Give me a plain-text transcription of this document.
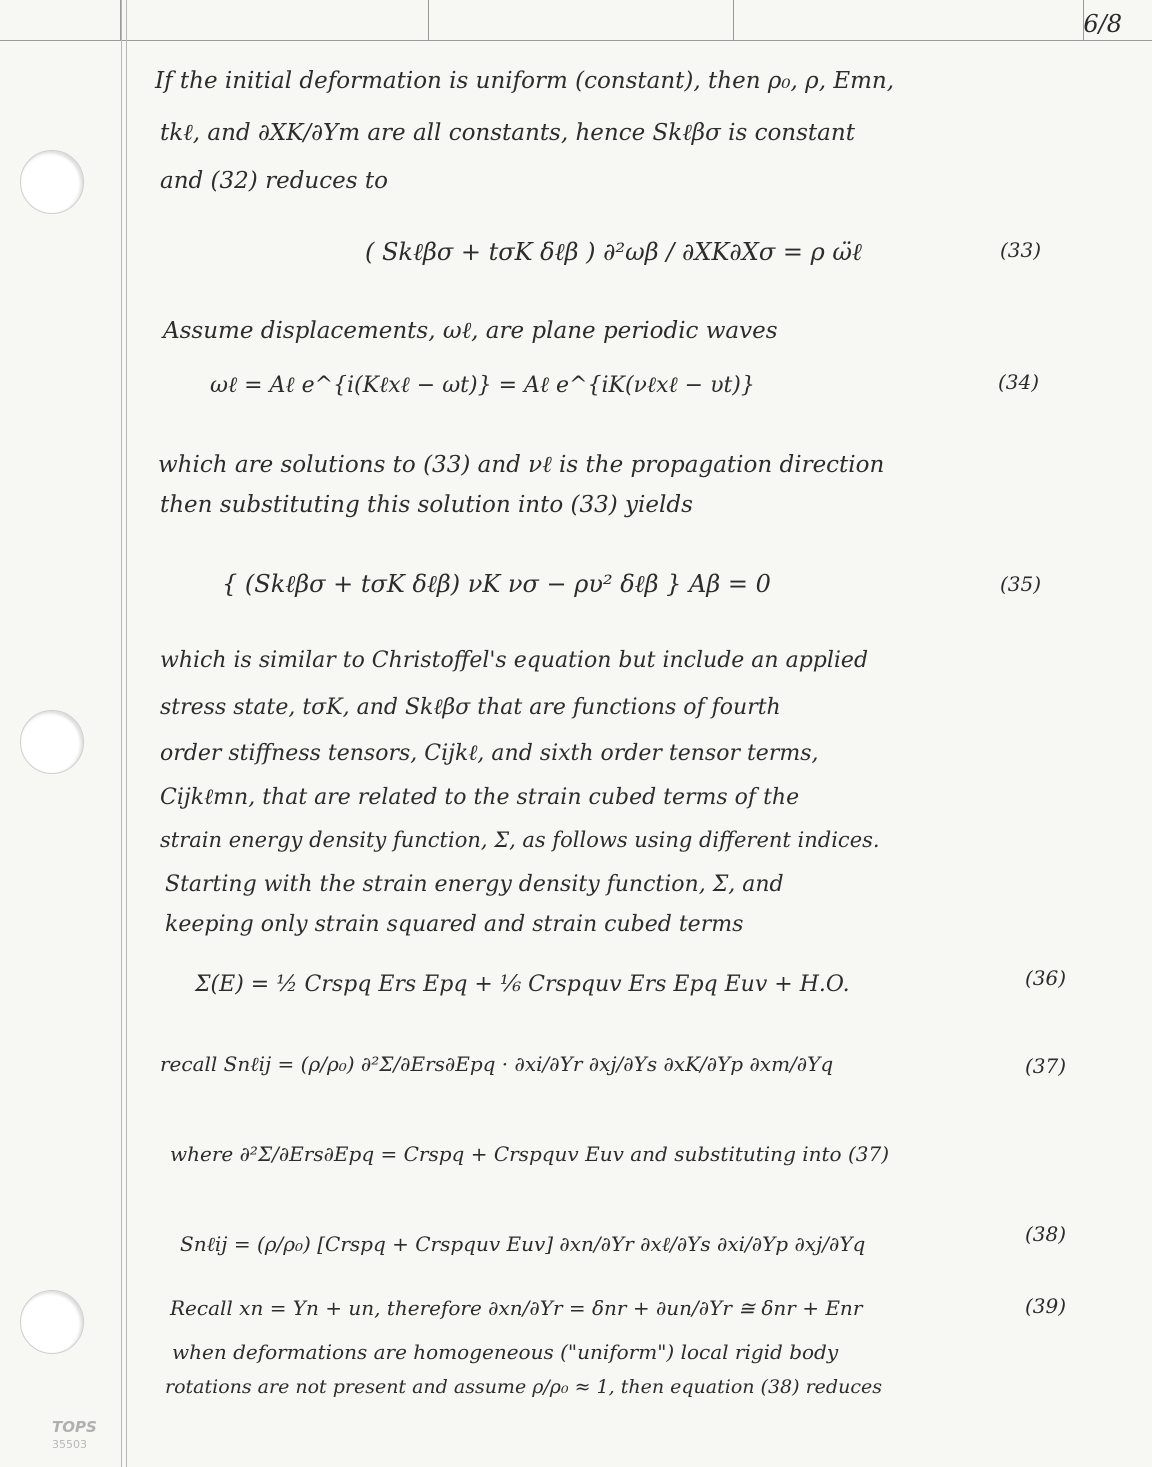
6/8
If the initial deformation is uniform (constant), then ρ₀, ρ, Emn,
tkℓ, and ∂XK/∂Ym are all constants, hence Skℓβσ is constant
and (32) reduces to
( Skℓβσ + tσK δℓβ ) ∂²ωβ / ∂XK∂Xσ = ρ ω̈ℓ	(33)
Assume displacements, ωℓ, are plane periodic waves
ωℓ = Aℓ e^{i(Kℓxℓ − ωt)} = Aℓ e^{iK(νℓxℓ − υt)}	(34)
which are solutions to (33) and νℓ is the propagation direction
then substituting this solution into (33) yields
{ (Skℓβσ + tσK δℓβ) νK νσ − ρυ² δℓβ } Aβ = 0	(35)
which is similar to Christoffel's equation but include an applied
stress state, tσK, and Skℓβσ that are functions of fourth
order stiffness tensors, Cijkℓ, and sixth order tensor terms,
Cijkℓmn, that are related to the strain cubed terms of the
strain energy density function, Σ, as follows using different indices.
Starting with the strain energy density function, Σ, and
keeping only strain squared and strain cubed terms
Σ(E) = ½ Crspq Ers Epq + ⅙ Crspquv Ers Epq Euv + H.O.	(36)
recall Snℓij = (ρ/ρ₀) ∂²Σ/∂Ers∂Epq · ∂xi/∂Yr ∂xj/∂Ys ∂xK/∂Yp ∂xm/∂Yq	(37)
where ∂²Σ/∂Ers∂Epq = Crspq + Crspquv Euv and substituting into (37)
Snℓij = (ρ/ρ₀) [Crspq + Crspquv Euv] ∂xn/∂Yr ∂xℓ/∂Ys ∂xi/∂Yp ∂xj/∂Yq	(38)
Recall xn = Yn + un, therefore ∂xn/∂Yr = δnr + ∂un/∂Yr ≅ δnr + Enr	(39)
when deformations are homogeneous ("uniform") local rigid body
rotations are not present and assume ρ/ρ₀ ≈ 1, then equation (38) reduces
TOPS
35503
